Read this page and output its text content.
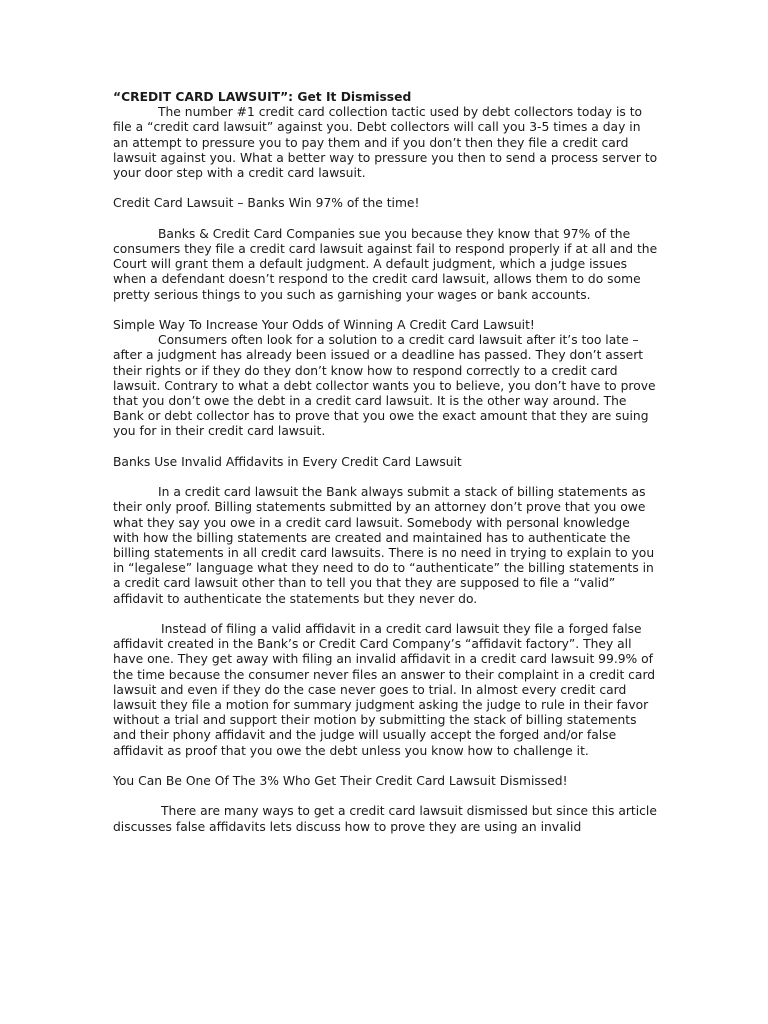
“CREDIT CARD LAWSUIT”: Get It Dismissed

The number #1 credit card collection tactic used by debt collectors today is to file a “credit card lawsuit” against you. Debt collectors will call you 3-5 times a day in an attempt to pressure you to pay them and if you don’t then they file a credit card lawsuit against you. What a better way to pressure you then to send a process server to your door step with a credit card lawsuit.

Credit Card Lawsuit – Banks Win 97% of the time!

Banks & Credit Card Companies sue you because they know that 97% of the consumers they file a credit card lawsuit against fail to respond properly if at all and the Court will grant them a default judgment. A default judgment, which a judge issues when a defendant doesn’t respond to the credit card lawsuit, allows them to do some pretty serious things to you such as garnishing your wages or bank accounts.

Simple Way To Increase Your Odds of Winning A Credit Card Lawsuit!

Consumers often look for a solution to a credit card lawsuit after it’s too late – after a judgment has already been issued or a deadline has passed. They don’t assert their rights or if they do they don’t know how to respond correctly to a credit card lawsuit. Contrary to what a debt collector wants you to believe, you don’t have to prove that you don’t owe the debt in a credit card lawsuit. It is the other way around. The Bank or debt collector has to prove that you owe the exact amount that they are suing you for in their credit card lawsuit.

Banks Use Invalid Affidavits in Every Credit Card Lawsuit

In a credit card lawsuit the Bank always submit a stack of billing statements as their only proof. Billing statements submitted by an attorney don’t prove that you owe what they say you owe in a credit card lawsuit. Somebody with personal knowledge with how the billing statements are created and maintained has to authenticate the billing statements in all credit card lawsuits. There is no need in trying to explain to you in “legalese” language what they need to do to “authenticate” the billing statements in a credit card lawsuit other than to tell you that they are supposed to file a “valid” affidavit to authenticate the statements but they never do.

Instead of filing a valid affidavit in a credit card lawsuit they file a forged false affidavit created in the Bank’s or Credit Card Company’s “affidavit factory”. They all have one. They get away with filing an invalid affidavit in a credit card lawsuit 99.9% of the time because the consumer never files an answer to their complaint in a credit card lawsuit and even if they do the case never goes to trial. In almost every credit card lawsuit they file a motion for summary judgment asking the judge to rule in their favor without a trial and support their motion by submitting the stack of billing statements and their phony affidavit and the judge will usually accept the forged and/or false affidavit as proof that you owe the debt unless you know how to challenge it.

You Can Be One Of The 3% Who Get Their Credit Card Lawsuit Dismissed!

There are many ways to get a credit card lawsuit dismissed but since this article discusses false affidavits lets discuss how to prove they are using an invalid
